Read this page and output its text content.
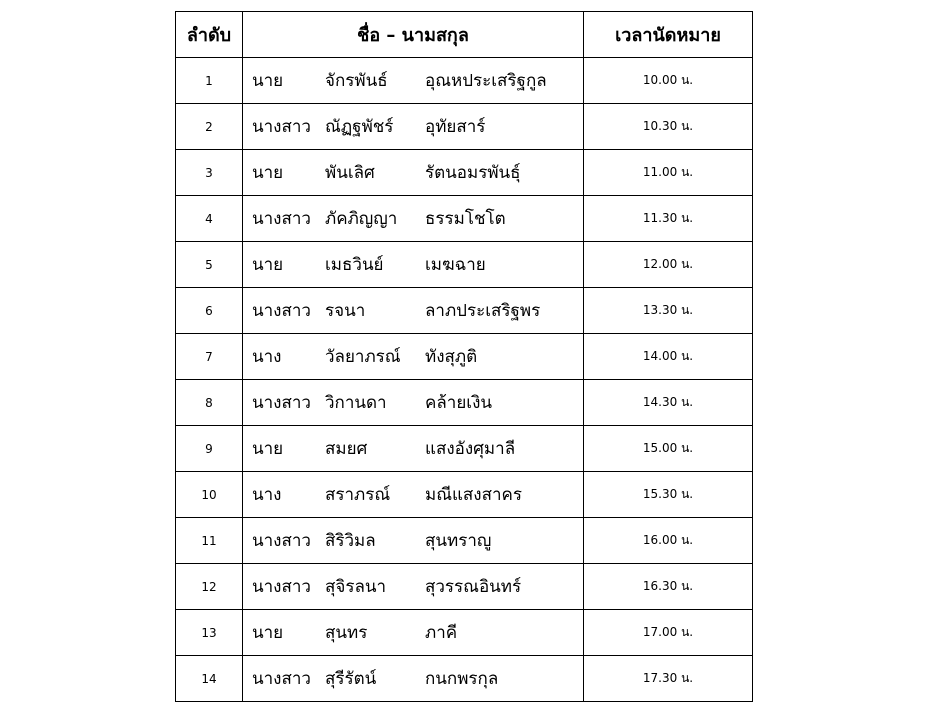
ลำดับ	ชื่อ – นามสกุล	เวลานัดหมาย
1	นาย จักรพันธ์ อุณหประเสริฐกูล	10.00 น.
2	นางสาว ณัฏฐพัชร์ อุทัยสาร์	10.30 น.
3	นาย พันเลิศ รัตนอมรพันธุ์	11.00 น.
4	นางสาว ภัคภิญญา ธรรมโชโต	11.30 น.
5	นาย เมธวินย์ เมฆฉาย	12.00 น.
6	นางสาว รจนา ลาภประเสริฐพร	13.30 น.
7	นาง วัลยาภรณ์ ทังสุภูติ	14.00 น.
8	นางสาว วิกานดา คล้ายเงิน	14.30 น.
9	นาย สมยศ แสงอังศุมาลี	15.00 น.
10	นาง สราภรณ์ มณีแสงสาคร	15.30 น.
11	นางสาว สิริวิมล สุนทราญู	16.00 น.
12	นางสาว สุจิรลนา สุวรรณอินทร์	16.30 น.
13	นาย สุนทร ภาคี	17.00 น.
14	นางสาว สุรีรัตน์ กนกพรกุล	17.30 น.
